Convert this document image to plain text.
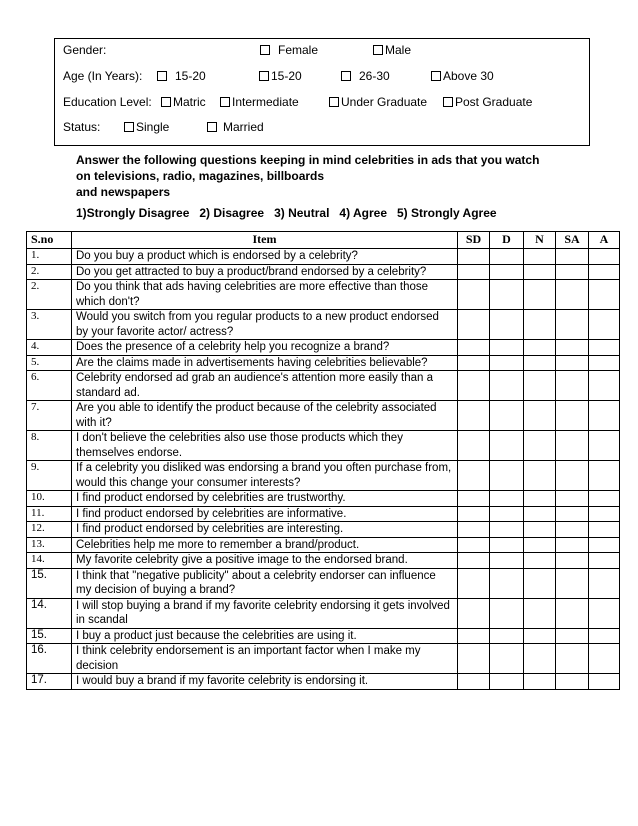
Gender:	Female	Male
Age (In Years):	15-20	15-20	26-30	Above 30
Education Level:	Matric	Intermediate	Under Graduate	Post Graduate
Status:	Single	Married
Answer the following questions keeping in mind celebrities in ads that you watch
on televisions, radio, magazines, billboards
and newspapers
1)Strongly Disagree   2) Disagree   3) Neutral   4) Agree   5) Strongly Agree
S.no	Item	SD	D	N	SA	A
1.	Do you buy a product which is endorsed by a celebrity?					
2.	Do you get attracted to buy a product/brand endorsed by a celebrity?					
2.	Do you think that ads having celebrities are more effective than those which don't?					
3.	Would you switch from you regular products to a new product endorsed by your favorite actor/ actress?					
4.	Does the presence of a celebrity help you recognize a brand?					
5.	Are the claims made in advertisements having celebrities believable?					
6.	Celebrity endorsed ad grab an audience's attention more easily than a standard ad.					
7.	Are you able to identify the product because of the celebrity associated with it?					
8.	I don't believe the celebrities also use those products which they themselves endorse.					
9.	If a celebrity you disliked was endorsing a brand you often purchase from, would this change your consumer interests?					
10.	I find product endorsed by celebrities are trustworthy.					
11.	I find product endorsed by celebrities are informative.					
12.	I find product endorsed by celebrities are interesting.					
13.	Celebrities help me more to remember a brand/product.					
14.	My favorite celebrity give a positive image to the endorsed brand.					
15.	I think that "negative publicity" about a celebrity endorser can influence my decision of buying a brand?					
14.	I will stop buying a brand if my favorite celebrity endorsing it gets involved in scandal					
15.	I buy a product just because the celebrities are using it.					
16.	I think celebrity endorsement is an important factor when I make my decision					
17.	I would buy a brand if my favorite celebrity is endorsing it.					
